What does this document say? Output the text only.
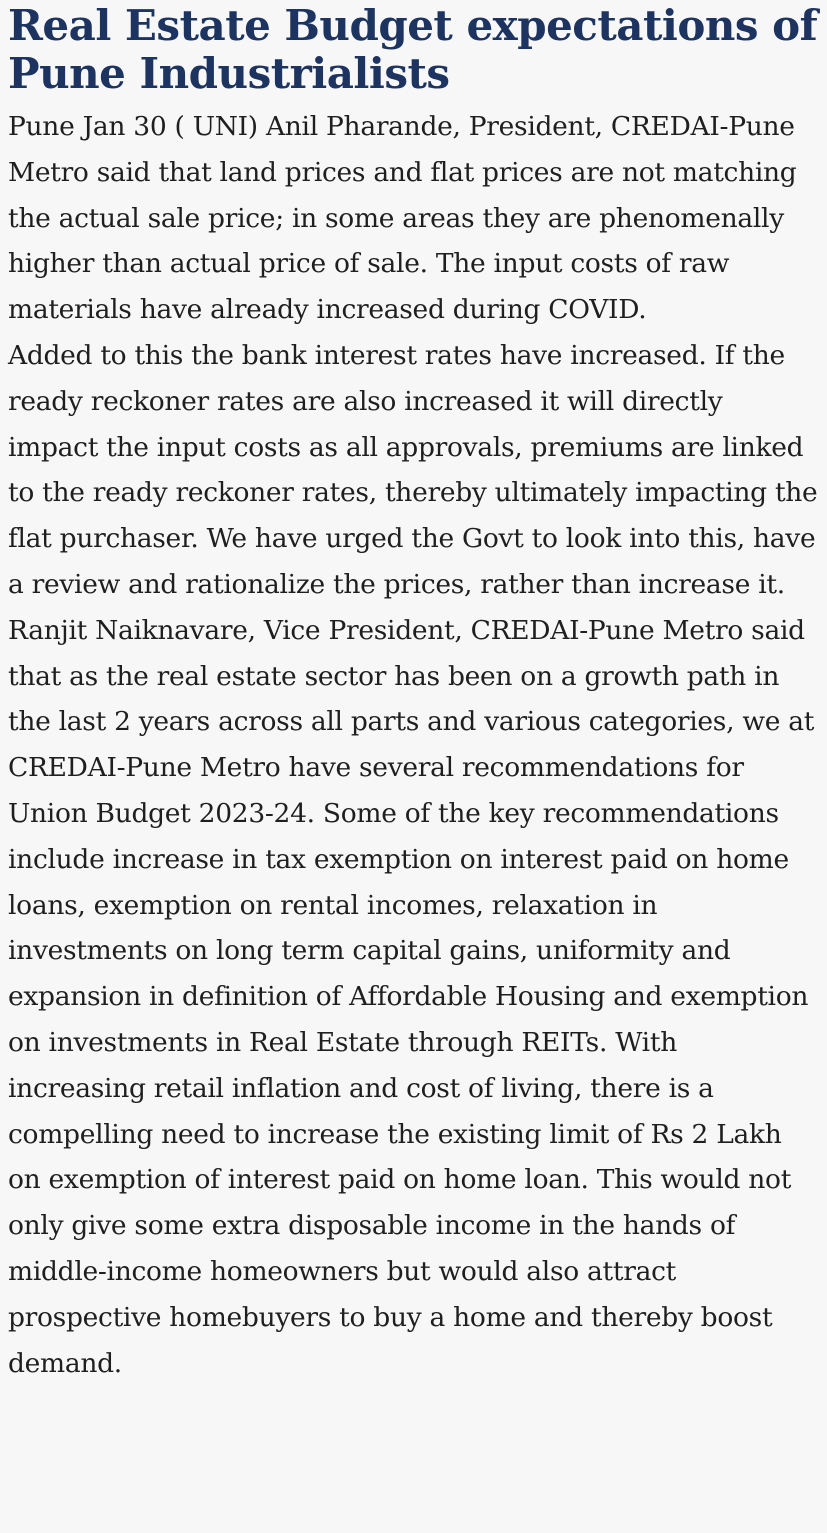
Real Estate Budget expectations of Pune Industrialists

Pune Jan 30 ( UNI) Anil Pharande, President, CREDAI-Pune Metro said that land prices and flat prices are not matching the actual sale price; in some areas they are phenomenally higher than actual price of sale. The input costs of raw materials have already increased during COVID.

Added to this the bank interest rates have increased. If the ready reckoner rates are also increased it will directly impact the input costs as all approvals, premiums are linked to the ready reckoner rates, thereby ultimately impacting the flat purchaser. We have urged the Govt to look into this, have a review and rationalize the prices, rather than increase it.

Ranjit Naiknavare, Vice President, CREDAI-Pune Metro said that as the real estate sector has been on a growth path in the last 2 years across all parts and various categories, we at CREDAI-Pune Metro have several recommendations for Union Budget 2023-24. Some of the key recommendations include increase in tax exemption on interest paid on home loans, exemption on rental incomes, relaxation in investments on long term capital gains, uniformity and expansion in definition of Affordable Housing and exemption on investments in Real Estate through REITs. With increasing retail inflation and cost of living, there is a compelling need to increase the existing limit of Rs 2 Lakh on exemption of interest paid on home loan. This would not only give some extra disposable income in the hands of middle-income homeowners but would also attract prospective homebuyers to buy a home and thereby boost demand.
